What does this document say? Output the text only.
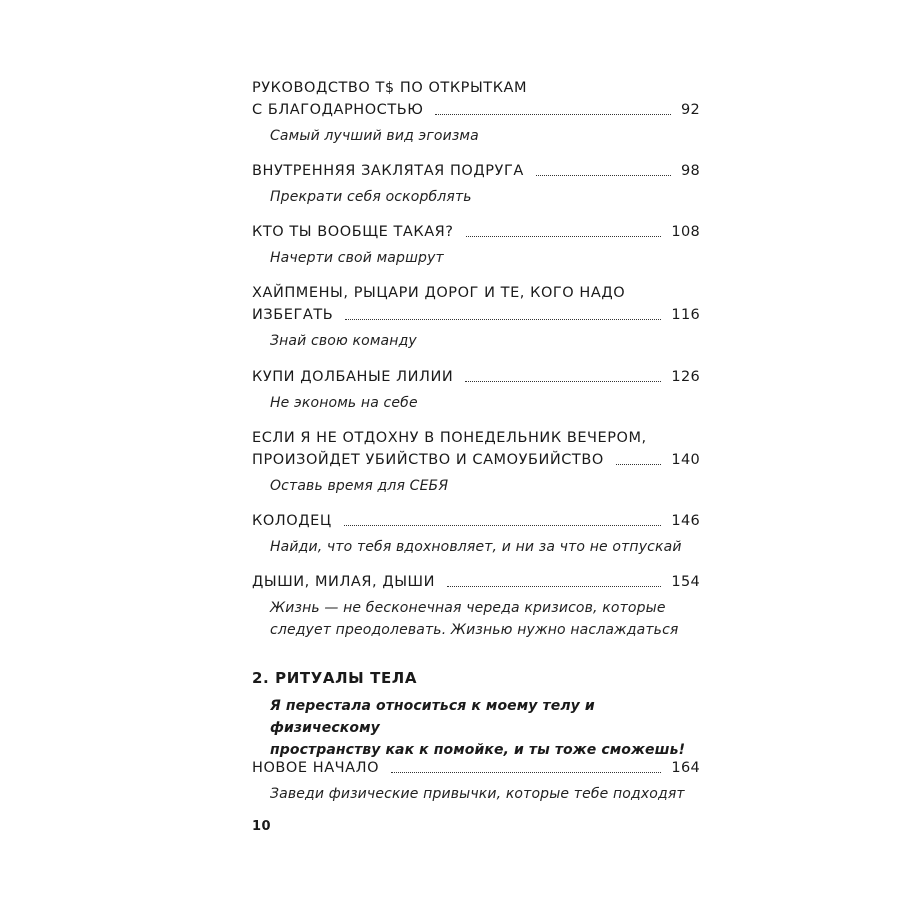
РУКОВОДСТВО Т$ ПО ОТКРЫТКАМ
С БЛАГОДАРНОСТЬЮ	92
Самый лучший вид эгоизма
ВНУТРЕННЯЯ ЗАКЛЯТАЯ ПОДРУГА	98
Прекрати себя оскорблять
КТО ТЫ ВООБЩЕ ТАКАЯ?	108
Начерти свой маршрут
ХАЙПМЕНЫ, РЫЦАРИ ДОРОГ И ТЕ, КОГО НАДО
ИЗБЕГАТЬ	116
Знай свою команду
КУПИ ДОЛБАНЫЕ ЛИЛИИ	126
Не экономь на себе
ЕСЛИ Я НЕ ОТДОХНУ В ПОНЕДЕЛЬНИК ВЕЧЕРОМ,
ПРОИЗОЙДЕТ УБИЙСТВО И САМОУБИЙСТВО	140
Оставь время для СЕБЯ
КОЛОДЕЦ	146
Найди, что тебя вдохновляет, и ни за что не отпускай
ДЫШИ, МИЛАЯ, ДЫШИ	154
Жизнь — не бесконечная череда кризисов, которые
следует преодолевать. Жизнью нужно наслаждаться
2. РИТУАЛЫ ТЕЛА
Я перестала относиться к моему телу и физическому
пространству как к помойке, и ты тоже сможешь!
НОВОЕ НАЧАЛО	164
Заведи физические привычки, которые тебе подходят
10
